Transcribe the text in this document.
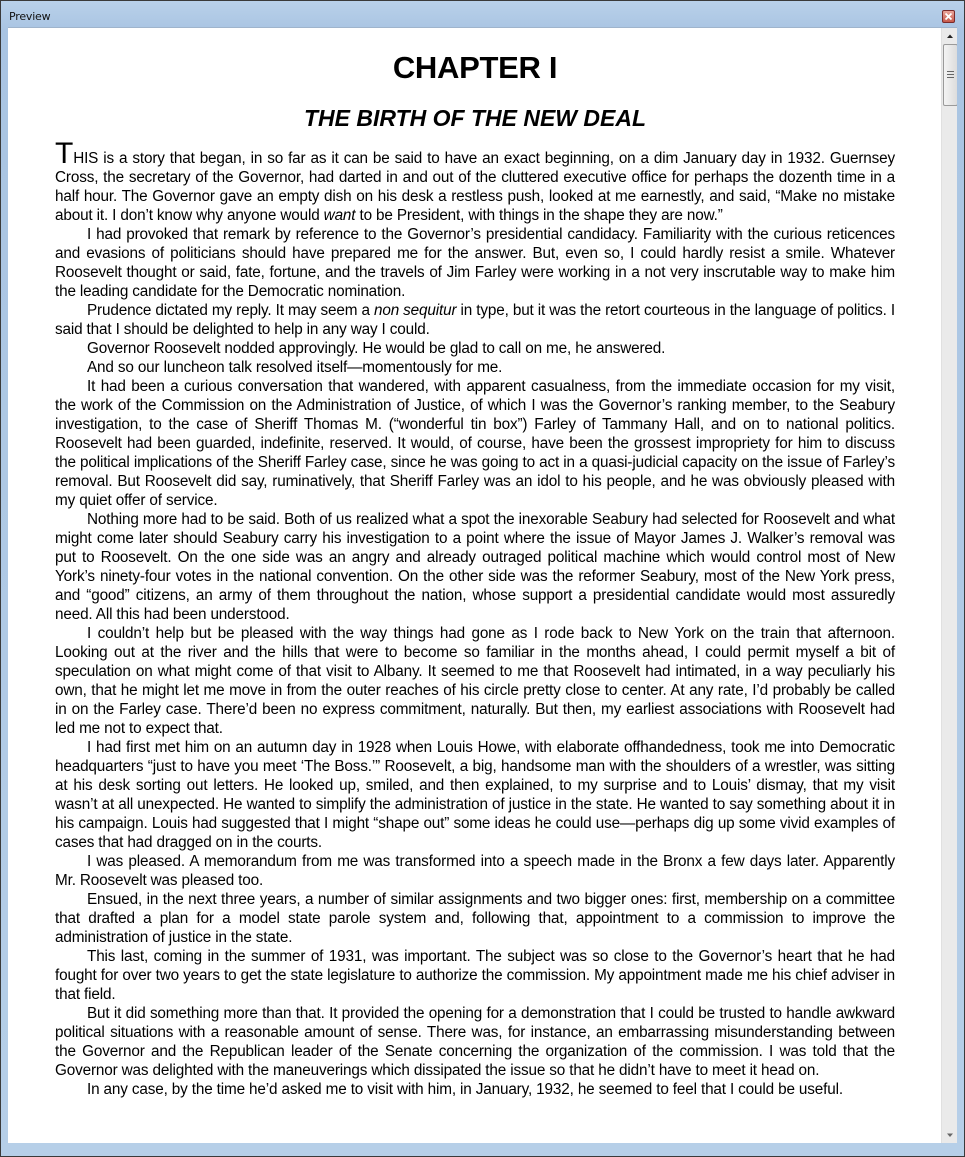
Preview
CHAPTER I
THE BIRTH OF THE NEW DEAL

THIS is a story that began, in so far as it can be said to have an exact beginning, on a dim January day in 1932. Guernsey Cross, the secretary of the Governor, had darted in and out of the cluttered executive office for perhaps the dozenth time in a half hour. The Governor gave an empty dish on his desk a restless push, looked at me earnestly, and said, “Make no mistake about it. I don’t know why anyone would want to be President, with things in the shape they are now.”

I had provoked that remark by reference to the Governor’s presidential candidacy. Familiarity with the curious reticences and evasions of politicians should have prepared me for the answer. But, even so, I could hardly resist a smile. Whatever Roosevelt thought or said, fate, fortune, and the travels of Jim Farley were working in a not very inscrutable way to make him the leading candidate for the Democratic nomination.

Prudence dictated my reply. It may seem a non sequitur in type, but it was the retort courteous in the language of politics. I said that I should be delighted to help in any way I could.

Governor Roosevelt nodded approvingly. He would be glad to call on me, he answered.

And so our luncheon talk resolved itself—momentously for me.

It had been a curious conversation that wandered, with apparent casualness, from the immediate occasion for my visit, the work of the Commission on the Administration of Justice, of which I was the Governor’s ranking member, to the Seabury investigation, to the case of Sheriff Thomas M. (“wonderful tin box”) Farley of Tammany Hall, and on to national politics. Roosevelt had been guarded, indefinite, reserved. It would, of course, have been the grossest impropriety for him to discuss the political implications of the Sheriff Farley case, since he was going to act in a quasi-judicial capacity on the issue of Farley’s removal. But Roosevelt did say, ruminatively, that Sheriff Farley was an idol to his people, and he was obviously pleased with my quiet offer of service.

Nothing more had to be said. Both of us realized what a spot the inexorable Seabury had selected for Roosevelt and what might come later should Seabury carry his investigation to a point where the issue of Mayor James J. Walker’s removal was put to Roosevelt. On the one side was an angry and already outraged political machine which would control most of New York’s ninety-four votes in the national convention. On the other side was the reformer Seabury, most of the New York press, and “good” citizens, an army of them throughout the nation, whose support a presidential candidate would most assuredly need. All this had been understood.

I couldn’t help but be pleased with the way things had gone as I rode back to New York on the train that afternoon. Looking out at the river and the hills that were to become so familiar in the months ahead, I could permit myself a bit of speculation on what might come of that visit to Albany. It seemed to me that Roosevelt had intimated, in a way peculiarly his own, that he might let me move in from the outer reaches of his circle pretty close to center. At any rate, I’d probably be called in on the Farley case. There’d been no express commitment, naturally. But then, my earliest associations with Roosevelt had led me not to expect that.

I had first met him on an autumn day in 1928 when Louis Howe, with elaborate offhandedness, took me into Democratic headquarters “just to have you meet ‘The Boss.’” Roosevelt, a big, handsome man with the shoulders of a wrestler, was sitting at his desk sorting out letters. He looked up, smiled, and then explained, to my surprise and to Louis’ dismay, that my visit wasn’t at all unexpected. He wanted to simplify the administration of justice in the state. He wanted to say something about it in his campaign. Louis had suggested that I might “shape out” some ideas he could use—perhaps dig up some vivid examples of cases that had dragged on in the courts.

I was pleased. A memorandum from me was transformed into a speech made in the Bronx a few days later. Apparently Mr. Roosevelt was pleased too.

Ensued, in the next three years, a number of similar assignments and two bigger ones: first, membership on a committee that drafted a plan for a model state parole system and, following that, appointment to a commission to improve the administration of justice in the state.

This last, coming in the summer of 1931, was important. The subject was so close to the Governor’s heart that he had fought for over two years to get the state legislature to authorize the commission. My appointment made me his chief adviser in that field.

But it did something more than that. It provided the opening for a demonstration that I could be trusted to handle awkward political situations with a reasonable amount of sense. There was, for instance, an embarrassing misunderstanding between the Governor and the Republican leader of the Senate concerning the organization of the commission. I was told that the Governor was delighted with the maneuverings which dissipated the issue so that he didn’t have to meet it head on.

In any case, by the time he’d asked me to visit with him, in January, 1932, he seemed to feel that I could be useful.
